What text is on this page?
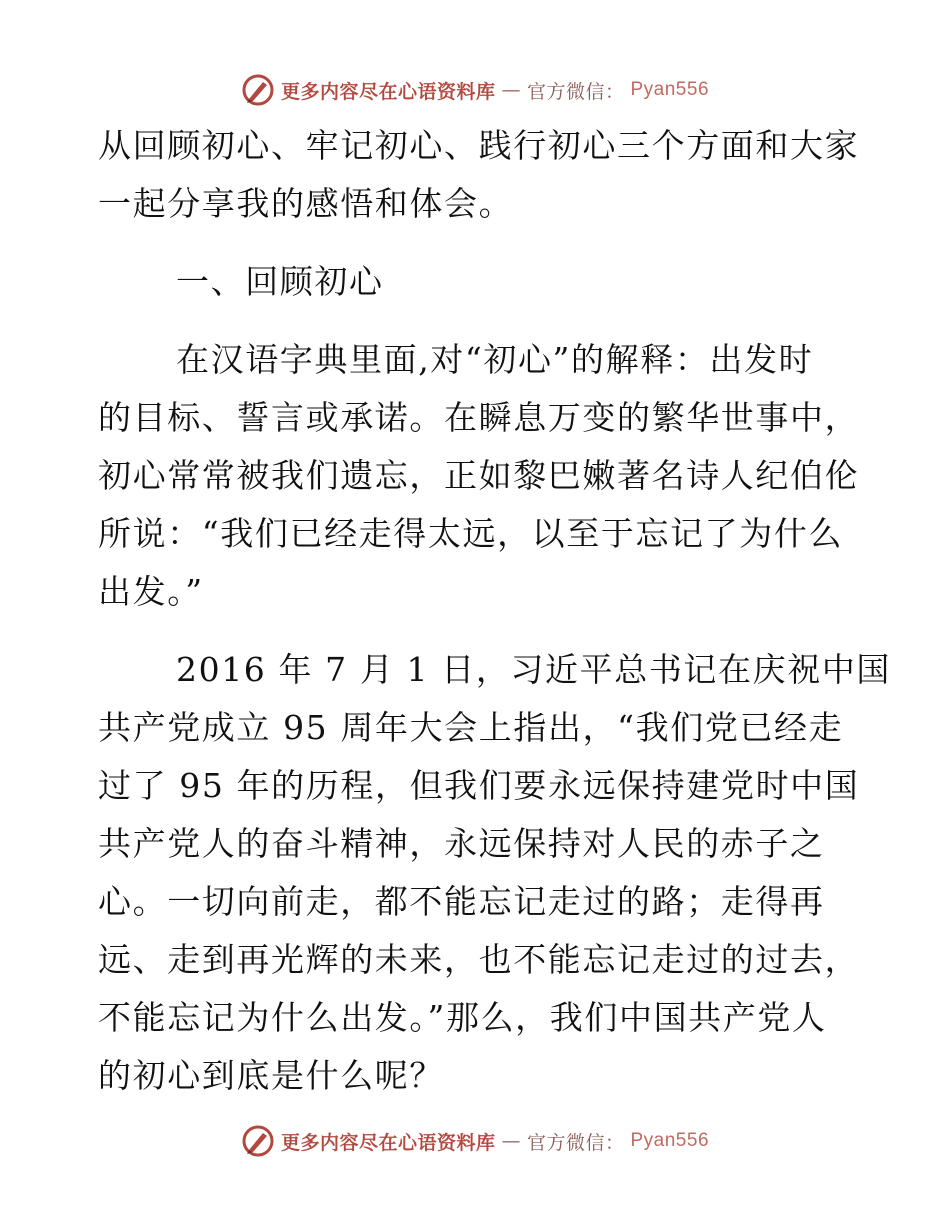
更多内容尽在心语资料库 — 官方微信： Pyan556
从回顾初心、牢记初心、践行初心三个方面和大家
一起分享我的感悟和体会。
一、回顾初心
在汉语字典里面,对“初心”的解释：出发时
的目标、誓言或承诺。在瞬息万变的繁华世事中，
初心常常被我们遗忘，正如黎巴嫩著名诗人纪伯伦
所说：“我们已经走得太远，以至于忘记了为什么
出发。”
2016 年 7 月 1 日，习近平总书记在庆祝中国
共产党成立 95 周年大会上指出，“我们党已经走
过了 95 年的历程，但我们要永远保持建党时中国
共产党人的奋斗精神，永远保持对人民的赤子之
心。一切向前走，都不能忘记走过的路；走得再
远、走到再光辉的未来，也不能忘记走过的过去，
不能忘记为什么出发。”那么，我们中国共产党人
的初心到底是什么呢？
更多内容尽在心语资料库 — 官方微信： Pyan556
